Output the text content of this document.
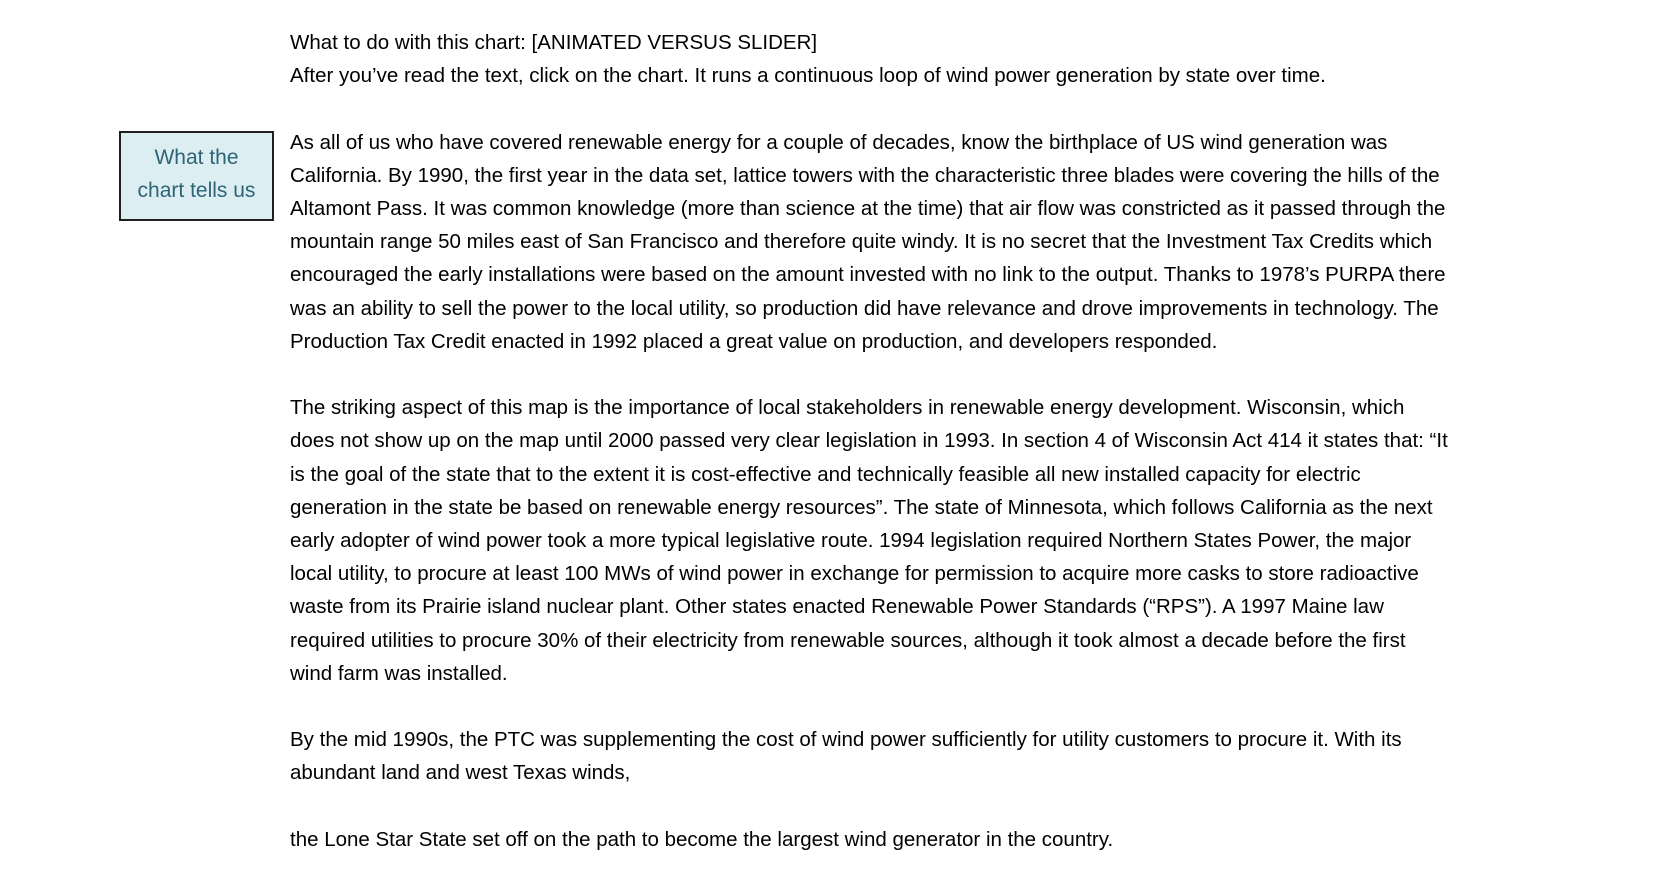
What the
chart tells us

What to do with this chart: [ANIMATED VERSUS SLIDER]

After you’ve read the text, click on the chart. It runs a continuous loop of wind power generation by state over time.

As all of us who have covered renewable energy for a couple of decades, know the birthplace of US wind generation was

California. By 1990, the first year in the data set, lattice towers with the characteristic three blades were covering the hills of the

Altamont Pass. It was common knowledge (more than science at the time) that air flow was constricted as it passed through the

mountain range 50 miles east of San Francisco and therefore quite windy. It is no secret that the Investment Tax Credits which

encouraged the early installations were based on the amount invested with no link to the output. Thanks to 1978’s PURPA there

was an ability to sell the power to the local utility, so production did have relevance and drove improvements in technology. The

Production Tax Credit enacted in 1992 placed a great value on production, and developers responded.

The striking aspect of this map is the importance of local stakeholders in renewable energy development. Wisconsin, which

does not show up on the map until 2000 passed very clear legislation in 1993. In section 4 of Wisconsin Act 414 it states that: “It

is the goal of the state that to the extent it is cost-effective and technically feasible all new installed capacity for electric

generation in the state be based on renewable energy resources”. The state of Minnesota, which follows California as the next

early adopter of wind power took a more typical legislative route. 1994 legislation required Northern States Power, the major

local utility, to procure at least 100 MWs of wind power in exchange for permission to acquire more casks to store radioactive

waste from its Prairie island nuclear plant. Other states enacted Renewable Power Standards (“RPS”). A 1997 Maine law

required utilities to procure 30% of their electricity from renewable sources, although it took almost a decade before the first

wind farm was installed.

By the mid 1990s, the PTC was supplementing the cost of wind power sufficiently for utility customers to procure it. With its

abundant land and west Texas winds,

the Lone Star State set off on the path to become the largest wind generator in the country.
